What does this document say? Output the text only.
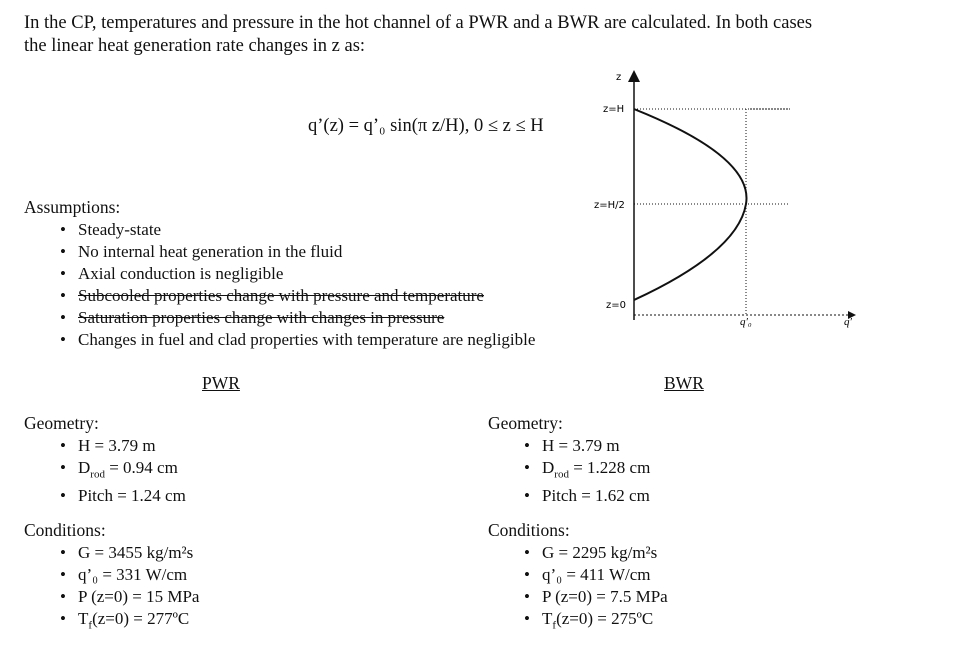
In the CP, temperatures and pressure in the hot channel of a PWR and a BWR are calculated. In both cases
the linear heat generation rate changes in z as:
q’(z) = q’₀ sin(π z/H), 0 ≤ z ≤ H
Assumptions:
• Steady-state
• No internal heat generation in the fluid
• Axial conduction is negligible
• Subcooled properties change with pressure and temperature
• Saturation properties change with changes in pressure
• Changes in fuel and clad properties with temperature are negligible
z
z=H
z=H/2
z=0
q′₀	q′
PWR	BWR
Geometry:
• H = 3.79 m
• $D_{rod} = 0.94$ cm
• Pitch = 1.24 cm
Conditions:
• G = 3455 kg/m²s
• q’₀ = 331 W/cm
• P (z=0) = 15 MPa
• $T_f(z=0)$ = 277ºC
Geometry:
• H = 3.79 m
• $D_{rod} = 1.228$ cm
• Pitch = 1.62 cm
Conditions:
• G = 2295 kg/m²s
• q’₀ = 411 W/cm
• P (z=0) = 7.5 MPa
• $T_f(z=0)$ = 275ºC
